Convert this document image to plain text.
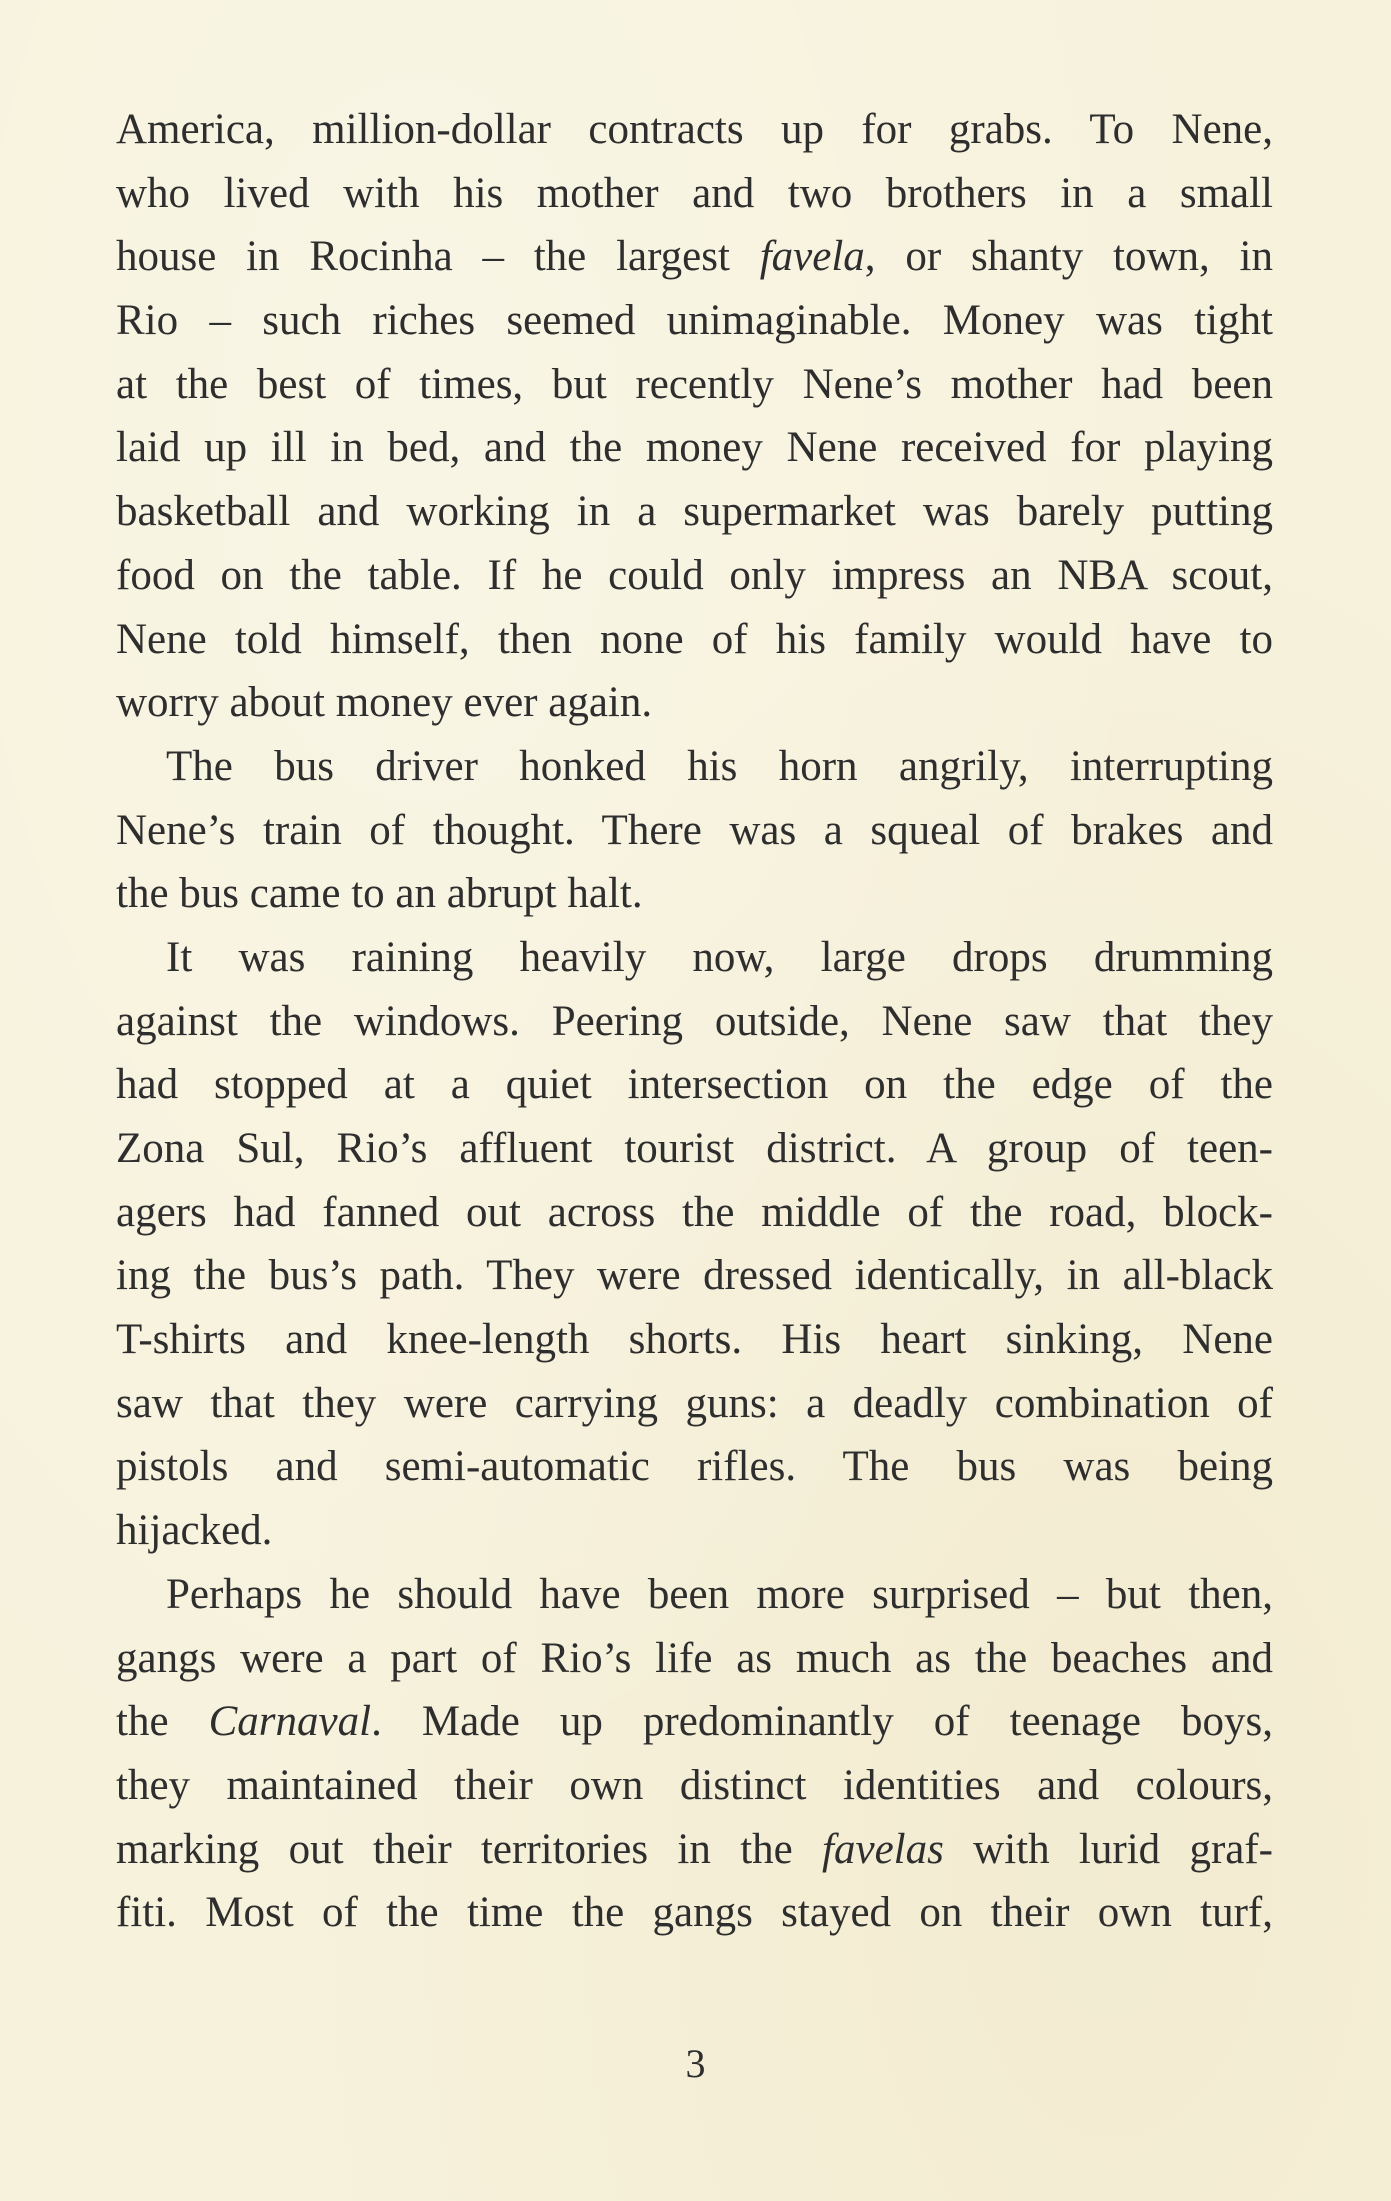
America, million-dollar contracts up for grabs. To Nene,
who lived with his mother and two brothers in a small
house in Rocinha – the largest favela, or shanty town, in
Rio – such riches seemed unimaginable. Money was tight
at the best of times, but recently Nene’s mother had been
laid up ill in bed, and the money Nene received for playing
basketball and working in a supermarket was barely putting
food on the table. If he could only impress an NBA scout,
Nene told himself, then none of his family would have to
worry about money ever again.
The bus driver honked his horn angrily, interrupting
Nene’s train of thought. There was a squeal of brakes and
the bus came to an abrupt halt.
It was raining heavily now, large drops drumming
against the windows. Peering outside, Nene saw that they
had stopped at a quiet intersection on the edge of the
Zona Sul, Rio’s affluent tourist district. A group of teen-
agers had fanned out across the middle of the road, block-
ing the bus’s path. They were dressed identically, in all-black
T-shirts and knee-length shorts. His heart sinking, Nene
saw that they were carrying guns: a deadly combination of
pistols and semi-automatic rifles. The bus was being
hijacked.
Perhaps he should have been more surprised – but then,
gangs were a part of Rio’s life as much as the beaches and
the Carnaval. Made up predominantly of teenage boys,
they maintained their own distinct identities and colours,
marking out their territories in the favelas with lurid graf-
fiti. Most of the time the gangs stayed on their own turf,
3
